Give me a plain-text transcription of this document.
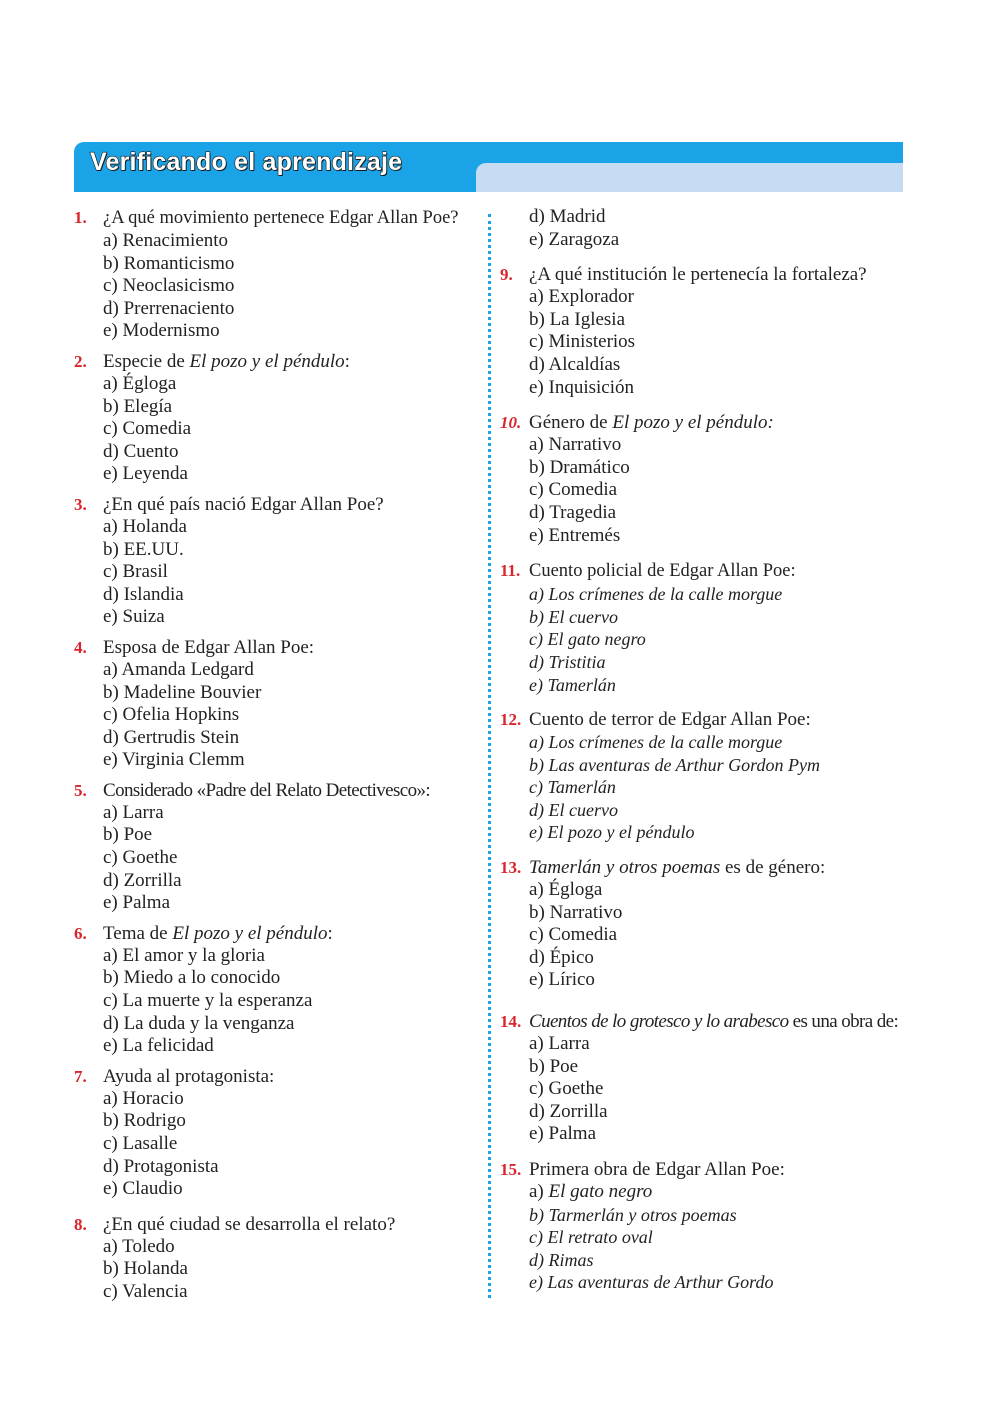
Verificando el aprendizaje
1. ¿A qué movimiento pertenece Edgar Allan Poe?
a) Renacimiento
b) Romanticismo
c) Neoclasicismo
d) Prerrenaciento
e) Modernismo
2. Especie de El pozo y el péndulo:
a) Égloga
b) Elegía
c) Comedia
d) Cuento
e) Leyenda
3. ¿En qué país nació Edgar Allan Poe?
a) Holanda
b) EE.UU.
c) Brasil
d) Islandia
e) Suiza
4. Esposa de Edgar Allan Poe:
a) Amanda Ledgard
b) Madeline Bouvier
c) Ofelia Hopkins
d) Gertrudis Stein
e) Virginia Clemm
5. Considerado «Padre del Relato Detectivesco»:
a) Larra
b) Poe
c) Goethe
d) Zorrilla
e) Palma
6. Tema de El pozo y el péndulo:
a) El amor y la gloria
b) Miedo a lo conocido
c) La muerte y la esperanza
d) La duda y la venganza
e) La felicidad
7. Ayuda al protagonista:
a) Horacio
b) Rodrigo
c) Lasalle
d) Protagonista
e) Claudio
8. ¿En qué ciudad se desarrolla el relato?
a) Toledo
b) Holanda
c) Valencia
d) Madrid
e) Zaragoza
9. ¿A qué institución le pertenecía la fortaleza?
a) Explorador
b) La Iglesia
c) Ministerios
d) Alcaldías
e) Inquisición
10. Género de El pozo y el péndulo:
a) Narrativo
b) Dramático
c) Comedia
d) Tragedia
e) Entremés
11. Cuento policial de Edgar Allan Poe:
a) Los crímenes de la calle morgue
b) El cuervo
c) El gato negro
d) Tristitia
e) Tamerlán
12. Cuento de terror de Edgar Allan Poe:
a) Los crímenes de la calle morgue
b) Las aventuras de Arthur Gordon Pym
c) Tamerlán
d) El cuervo
e) El pozo y el péndulo
13. Tamerlán y otros poemas es de género:
a) Égloga
b) Narrativo
c) Comedia
d) Épico
e) Lírico
14. Cuentos de lo grotesco y lo arabesco es una obra de:
a) Larra
b) Poe
c) Goethe
d) Zorrilla
e) Palma
15. Primera obra de Edgar Allan Poe:
a) El gato negro
b) Tarmerlán y otros poemas
c) El retrato oval
d) Rimas
e) Las aventuras de Arthur Gordo
